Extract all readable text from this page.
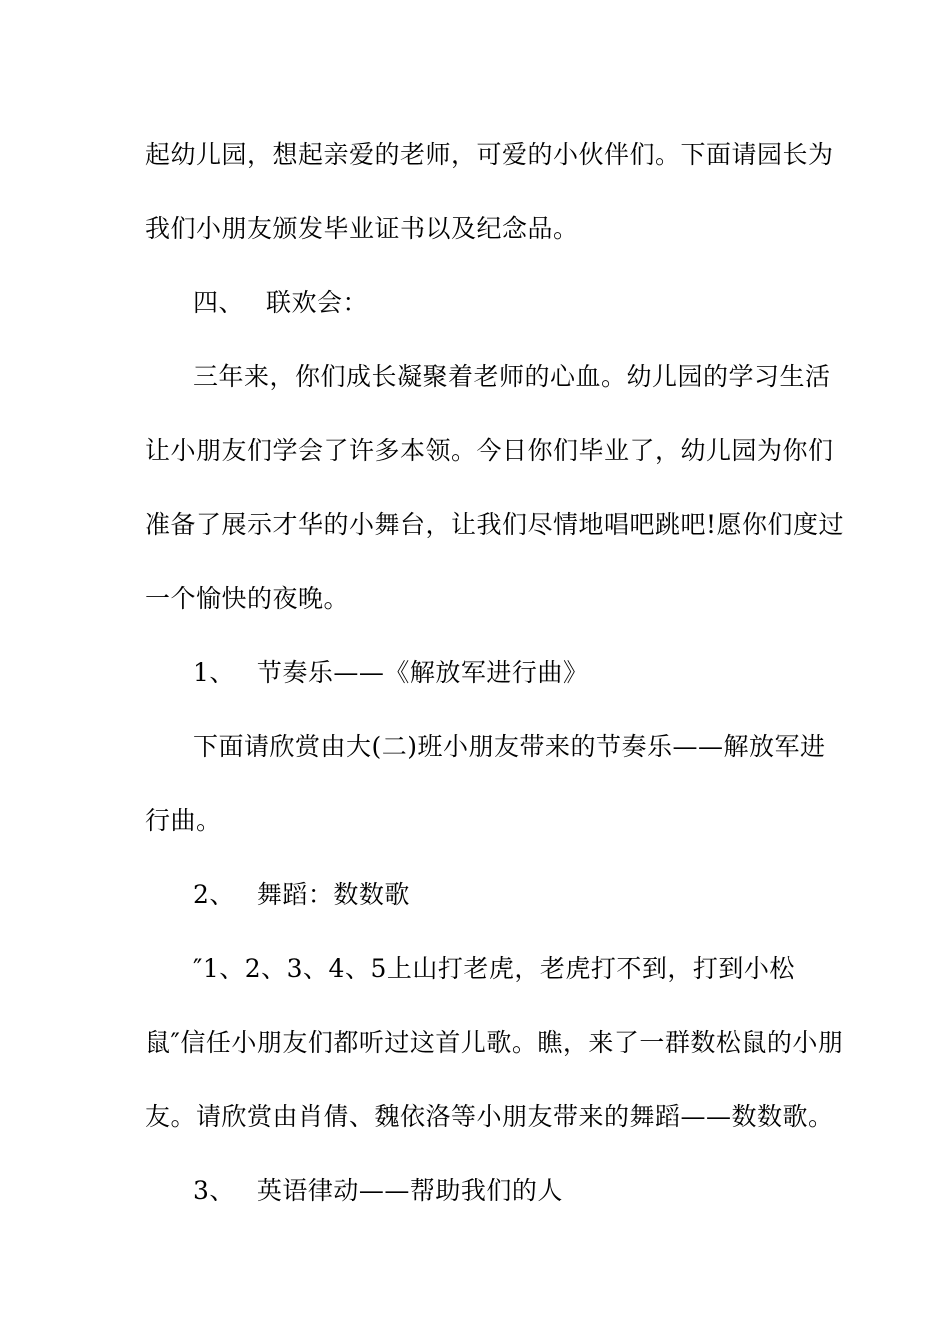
起幼儿园，想起亲爱的老师，可爱的小伙伴们。下面请园长为
我们小朋友颁发毕业证书以及纪念品。
四、 联欢会：
三年来，你们成长凝聚着老师的心血。幼儿园的学习生活
让小朋友们学会了许多本领。今日你们毕业了，幼儿园为你们
准备了展示才华的小舞台，让我们尽情地唱吧跳吧!愿你们度过
一个愉快的夜晚。
1、 节奏乐——《解放军进行曲》
下面请欣赏由大(二)班小朋友带来的节奏乐——解放军进
行曲。
2、 舞蹈：数数歌
″1、2、3、4、5上山打老虎，老虎打不到，打到小松
鼠″信任小朋友们都听过这首儿歌。瞧，来了一群数松鼠的小朋
友。请欣赏由肖倩、魏依洛等小朋友带来的舞蹈——数数歌。
3、 英语律动——帮助我们的人
